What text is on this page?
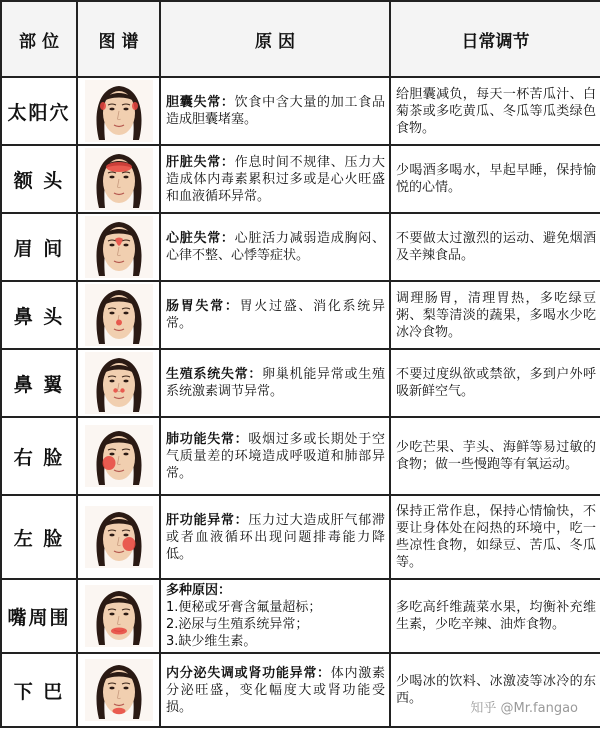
部 位	图 谱	原 因	日常调节
太阳穴		胆囊失常：饮食中含大量的加工食品造成胆囊堵塞。	给胆囊减负，每天一杯苦瓜汁、白菊茶或多吃黄瓜、冬瓜等瓜类绿色食物。
额 头		肝脏失常：作息时间不规律、压力大造成体内毒素累积过多或是心火旺盛和血液循环异常。	少喝酒多喝水，早起早睡，保持愉悦的心情。
眉 间		心脏失常：心脏活力减弱造成胸闷、心律不整、心悸等症状。	不要做太过激烈的运动、避免烟酒及辛辣食品。
鼻 头		肠胃失常：胃火过盛、消化系统异常。	调理肠胃，清理胃热，多吃绿豆粥、梨等清淡的蔬果，多喝水少吃冰冷食物。
鼻 翼		生殖系统失常：卵巢机能异常或生殖系统激素调节异常。	不要过度纵欲或禁欲，多到户外呼吸新鲜空气。
右 脸		肺功能失常：吸烟过多或长期处于空气质量差的环境造成呼吸道和肺部异常。	少吃芒果、芋头、海鲜等易过敏的食物；做一些慢跑等有氧运动。
左 脸		肝功能异常：压力过大造成肝气郁滞或者血液循环出现问题排毒能力降低。	保持正常作息，保持心情愉快，不要让身体处在闷热的环境中，吃一些凉性食物，如绿豆、苦瓜、冬瓜等。
嘴周围		多种原因：
1.便秘或牙膏含氟量超标；
2.泌尿与生殖系统异常；
3.缺少维生素。	多吃高纤维蔬菜水果，均衡补充维生素，少吃辛辣、油炸食物。
下 巴		内分泌失调或肾功能异常：体内激素分泌旺盛，变化幅度大或肾功能受损。	少喝冰的饮料、冰激凌等冰冷的东西。
知乎 @Mr.fangao
